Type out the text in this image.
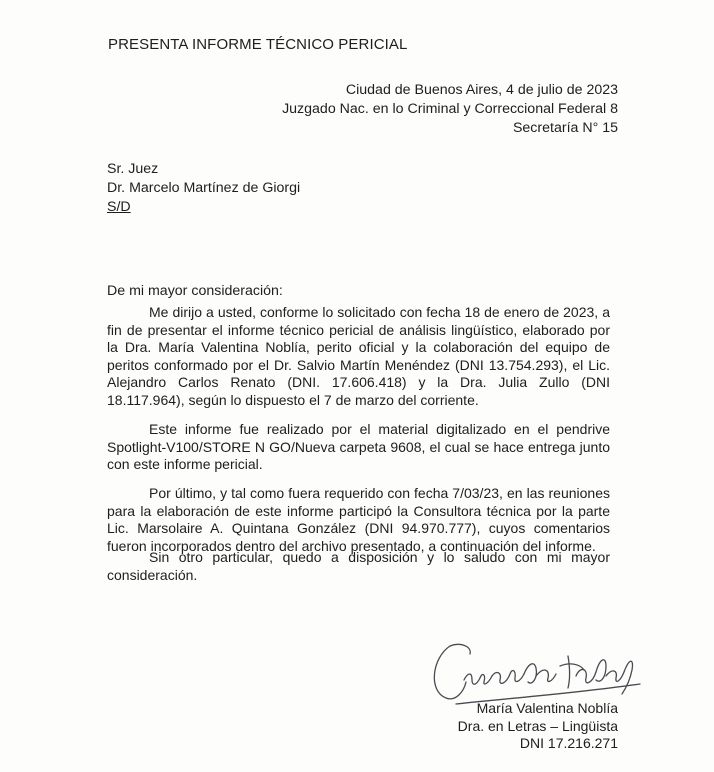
PRESENTA INFORME TÉCNICO PERICIAL
Ciudad de Buenos Aires, 4 de julio de 2023
Juzgado Nac. en lo Criminal y Correccional Federal 8
Secretaría N° 15
Sr. Juez
Dr. Marcelo Martínez de Giorgi
S/D
De mi mayor consideración:

Me dirijo a usted, conforme lo solicitado con fecha 18 de enero de 2023, a fin de presentar el informe técnico pericial de análisis lingüístico, elaborado por la Dra. María Valentina Noblía, perito oficial y la colaboración del equipo de peritos conformado por el Dr. Salvio Martín Menéndez (DNI 13.754.293), el Lic. Alejandro Carlos Renato (DNI. 17.606.418) y la Dra. Julia Zullo (DNI 18.117.964), según lo dispuesto el 7 de marzo del corriente.

Este informe fue realizado por el material digitalizado en el pendrive Spotlight-V100/STORE N GO/Nueva carpeta 9608, el cual se hace entrega junto con este informe pericial.

Por último, y tal como fuera requerido con fecha 7/03/23, en las reuniones para la elaboración de este informe participó la Consultora técnica por la parte Lic. Marsolaire A. Quintana González (DNI 94.970.777), cuyos comentarios fueron incorporados dentro del archivo presentado, a continuación del informe.

Sin otro particular, quedo a disposición y lo saludo con mi mayor consideración.

María Valentina Noblía
Dra. en Letras – Lingüista
DNI 17.216.271
